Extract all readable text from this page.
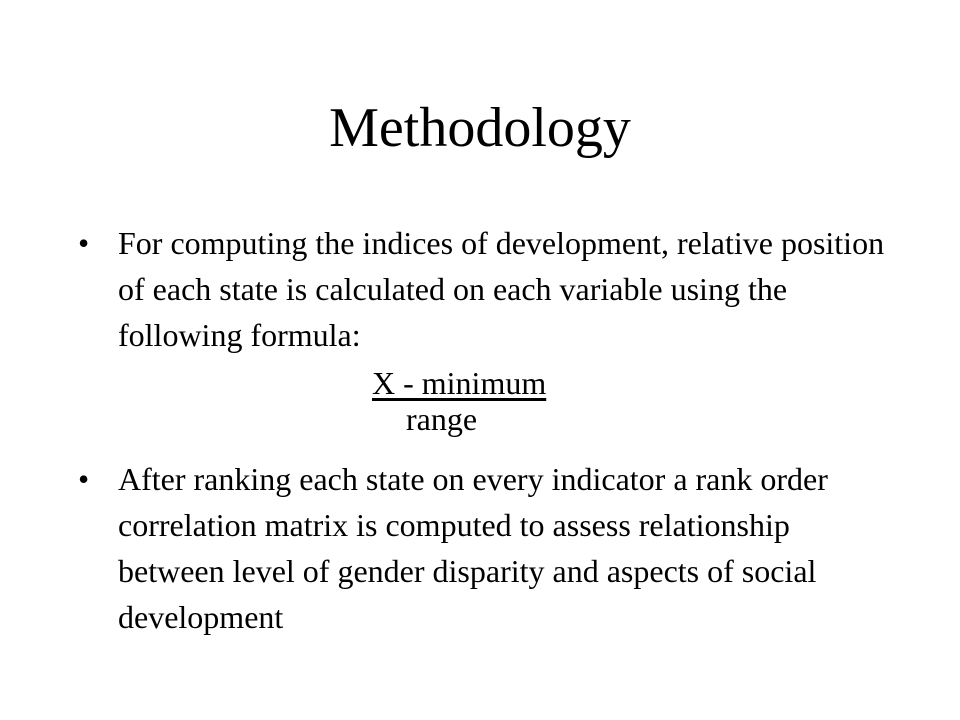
Methodology
• For computing the indices of development, relative position of each state is calculated on each variable using the following formula:
X - minimum
range
• After ranking each state on every indicator a rank order correlation matrix is computed to assess relationship between level of gender disparity and aspects of social development
